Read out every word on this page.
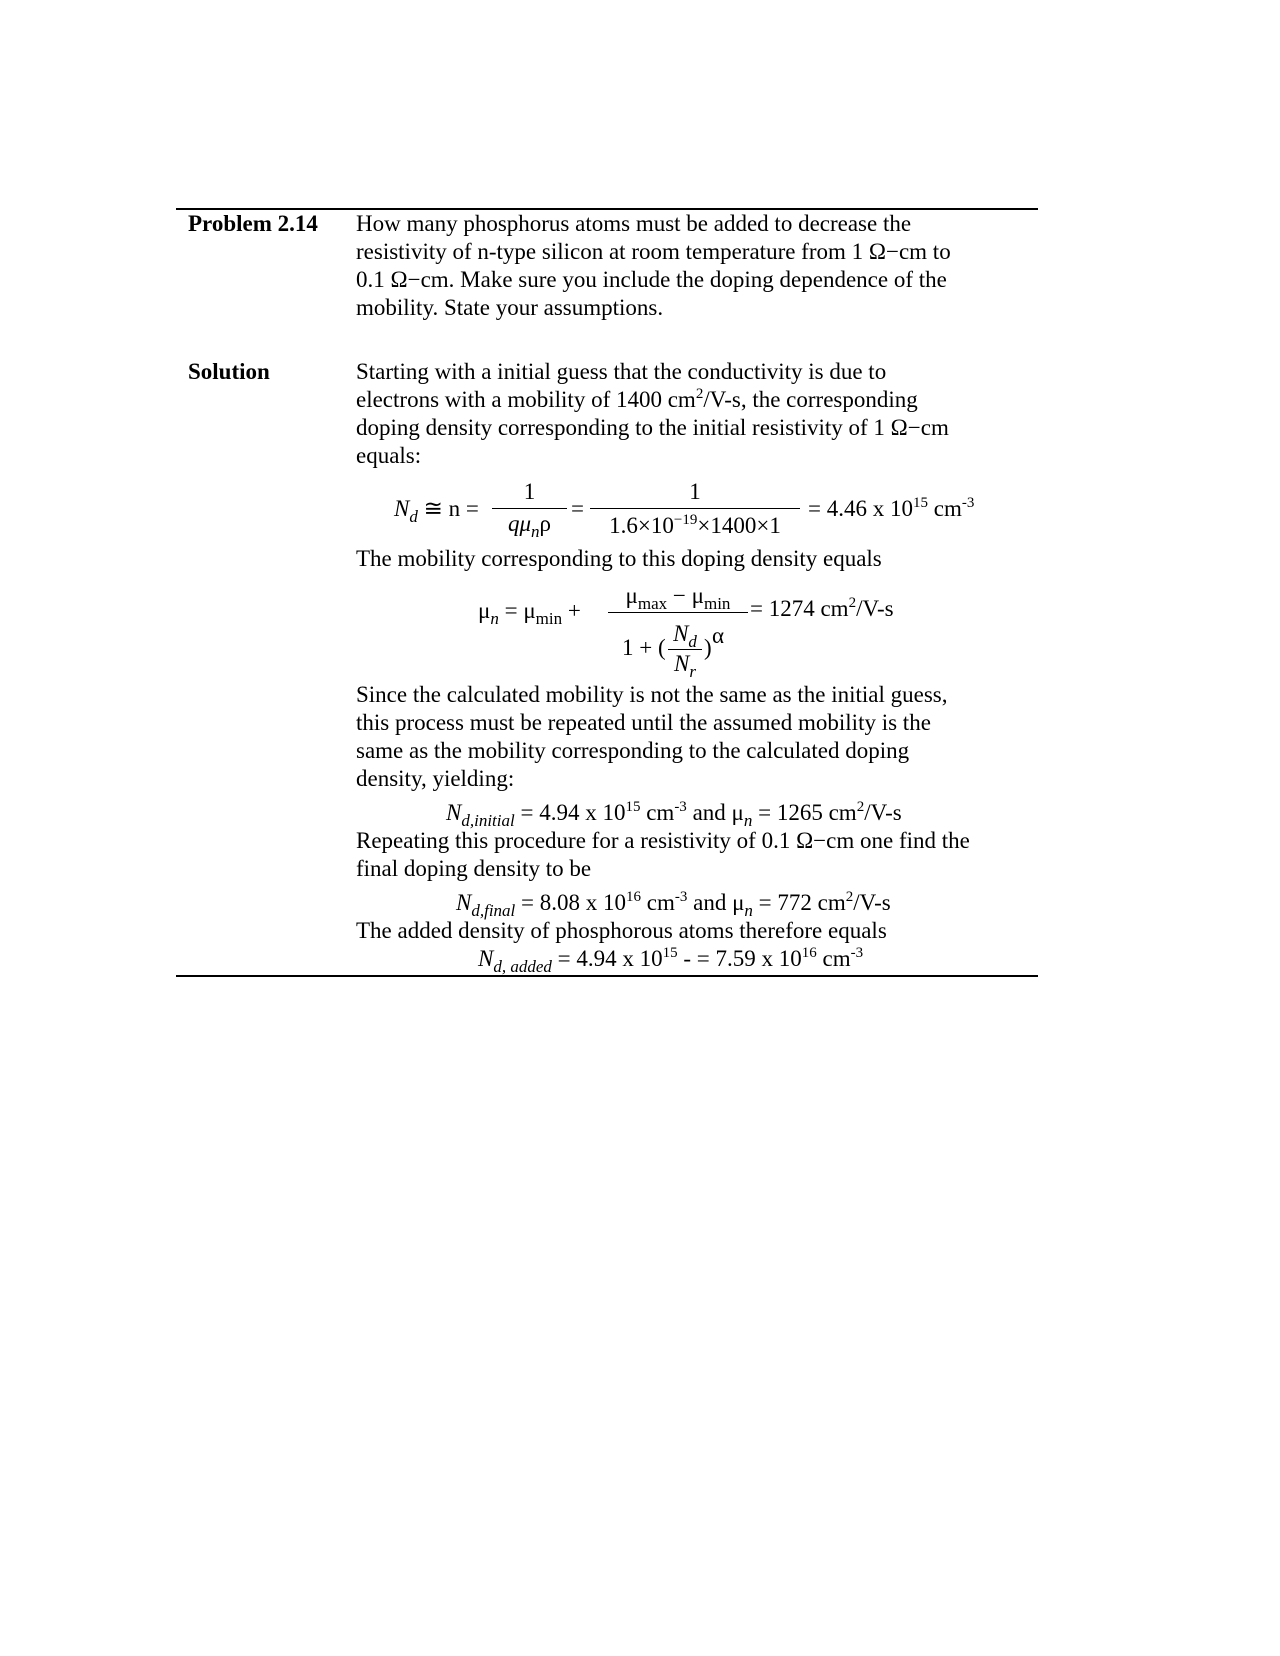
Problem 2.14 How many phosphorus atoms must be added to decrease the
resistivity of n-type silicon at room temperature from 1 Ω−cm to
0.1 Ω−cm. Make sure you include the doping dependence of the
mobility. State your assumptions.
Solution	Starting with a initial guess that the conductivity is due to
electrons with a mobility of 1400 $cm^2/V-s$, the corresponding
doping density corresponding to the initial resistivity of 1 Ω−cm
equals:
$N_d$ ≅ n =
1
$q\mu_n\rho$
=
1
$1.6\times 10^{-19}\times 1400\times 1$
= 4.46 x $10^{15}$ $cm^{-3}$
The mobility corresponding to this doping density equals
$\mu_n = \mu_{min}$ +
$\mu_{max} - \mu_{min}$
1 + (
$N_d$
$N_r$
) α
= 1274 $cm^2/V-s$
Since the calculated mobility is not the same as the initial guess,
this process must be repeated until the assumed mobility is the
same as the mobility corresponding to the calculated doping
density, yielding:
$N_{d,initial} = 4.94$ x $10^{15}$ $cm^{-3}$ and $\mu_n = 1265$ $cm^2/V-s$
Repeating this procedure for a resistivity of 0.1 Ω−cm one find the
final doping density to be
$N_{d,final} = 8.08$ x $10^{16}$ $cm^{-3}$ and $\mu_n = 772$ $cm^2/V-s$
The added density of phosphorous atoms therefore equals
$N_{d, added} = 4.94$ x $10^{15}$ - = 7.59 x $10^{16}$ $cm^{-3}$
